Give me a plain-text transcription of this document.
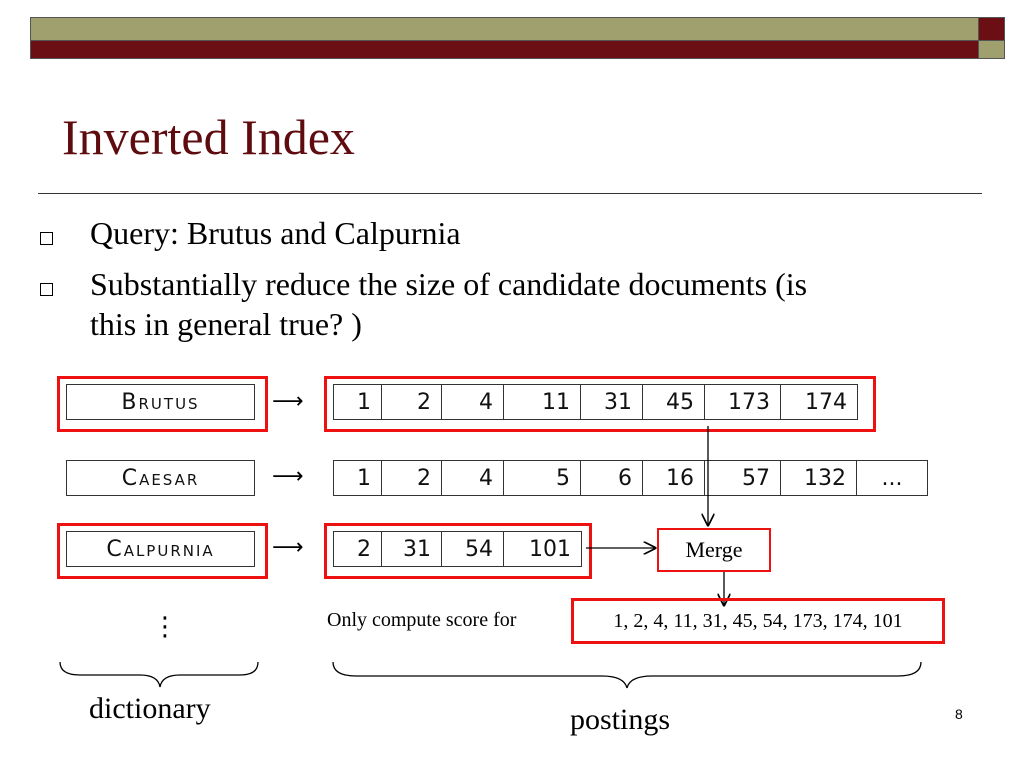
Inverted Index
Query: Brutus and Calpurnia
Substantially reduce the size of candidate documents (is
this in general true? )
Brutus	⟶	1	2	4	11	31	45	173	174
Caesar	⟶	1	2	4	5	6	16	57	132	...
Calpurnia	⟶	2	31	54	101	Merge
Only compute score for	1, 2, 4, 11, 31, 45, 54, 173, 174, 101
⋮
dictionary	postings	8
